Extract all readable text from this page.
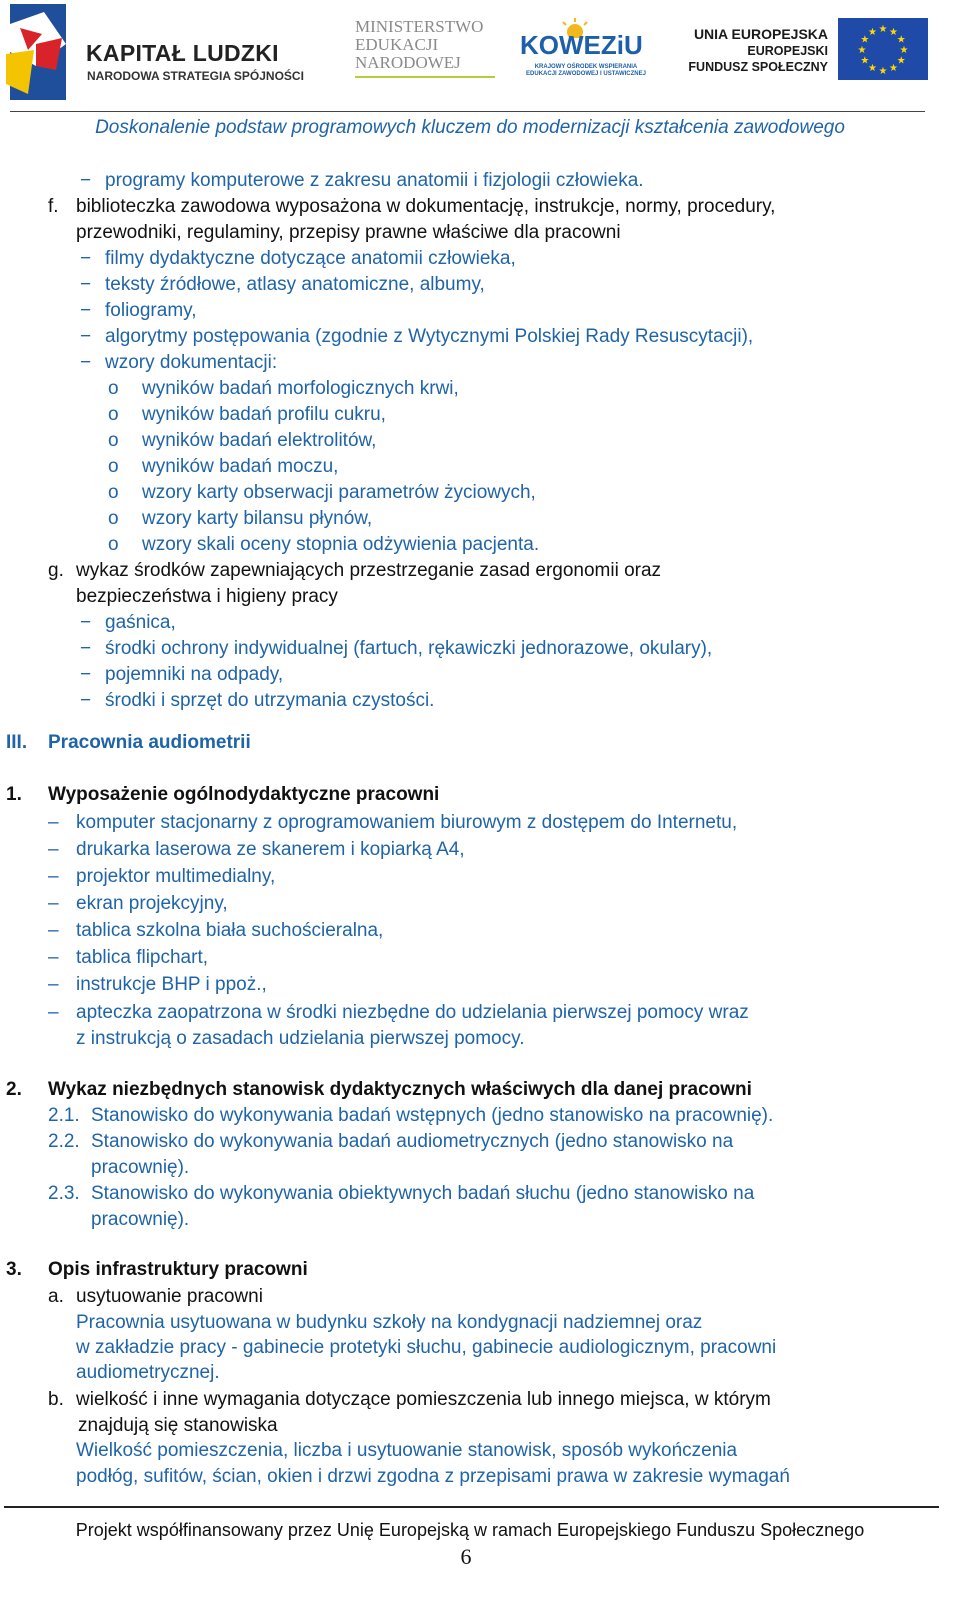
KAPITAŁ LUDZKI
NARODOWA STRATEGIA SPÓJNOŚCI
MINISTERSTWO
EDUKACJI
NARODOWEJ
KOWEZiU
KRAJOWY OŚRODEK WSPIERANIA EDUKACJI ZAWODOWEJ I USTAWICZNEJ
UNIA EUROPEJSKA
EUROPEJSKI
FUNDUSZ SPOŁECZNY
★
★
★
★
★
★
★
★
★ ★ ★
★
Doskonalenie podstaw programowych kluczem do modernizacji kształcenia zawodowego
− programy komputerowe z zakresu anatomii i fizjologii człowieka.
f. biblioteczka zawodowa wyposażona w dokumentację, instrukcje, normy, procedury,
przewodniki, regulaminy, przepisy prawne właściwe dla pracowni
− filmy dydaktyczne dotyczące anatomii człowieka,
− teksty źródłowe, atlasy anatomiczne, albumy,
− foliogramy,
− algorytmy postępowania (zgodnie z Wytycznymi Polskiej Rady Resuscytacji),
− wzory dokumentacji:
o wyników badań morfologicznych krwi,
o wyników badań profilu cukru,
o wyników badań elektrolitów,
o wyników badań moczu,
o wzory karty obserwacji parametrów życiowych,
o wzory karty bilansu płynów,
o wzory skali oceny stopnia odżywienia pacjenta.
g. wykaz środków zapewniających przestrzeganie zasad ergonomii oraz
bezpieczeństwa i higieny pracy
− gaśnica,
− środki ochrony indywidualnej (fartuch, rękawiczki jednorazowe, okulary),
− pojemniki na odpady,
− środki i sprzęt do utrzymania czystości.
III. Pracownia audiometrii
1. Wyposażenie ogólnodydaktyczne pracowni
– komputer stacjonarny z oprogramowaniem biurowym z dostępem do Internetu,
– drukarka laserowa ze skanerem i kopiarką A4,
– projektor multimedialny,
– ekran projekcyjny,
– tablica szkolna biała suchościeralna,
– tablica flipchart,
– instrukcje BHP i ppoż.,
– apteczka zaopatrzona w środki niezbędne do udzielania pierwszej pomocy wraz
z instrukcją o zasadach udzielania pierwszej pomocy.
2. Wykaz niezbędnych stanowisk dydaktycznych właściwych dla danej pracowni
2.1. Stanowisko do wykonywania badań wstępnych (jedno stanowisko na pracownię).
2.2. Stanowisko do wykonywania badań audiometrycznych (jedno stanowisko na
pracownię).
2.3. Stanowisko do wykonywania obiektywnych badań słuchu (jedno stanowisko na
pracownię).
3. Opis infrastruktury pracowni
a. usytuowanie pracowni
Pracownia usytuowana w budynku szkoły na kondygnacji nadziemnej oraz
w zakładzie pracy - gabinecie protetyki słuchu, gabinecie audiologicznym, pracowni
audiometrycznej.
b. wielkość i inne wymagania dotyczące pomieszczenia lub innego miejsca, w którym
znajdują się stanowiska
Wielkość pomieszczenia, liczba i usytuowanie stanowisk, sposób wykończenia
podłóg, sufitów, ścian, okien i drzwi zgodna z przepisami prawa w zakresie wymagań
Projekt współfinansowany przez Unię Europejską w ramach Europejskiego Funduszu Społecznego
6
